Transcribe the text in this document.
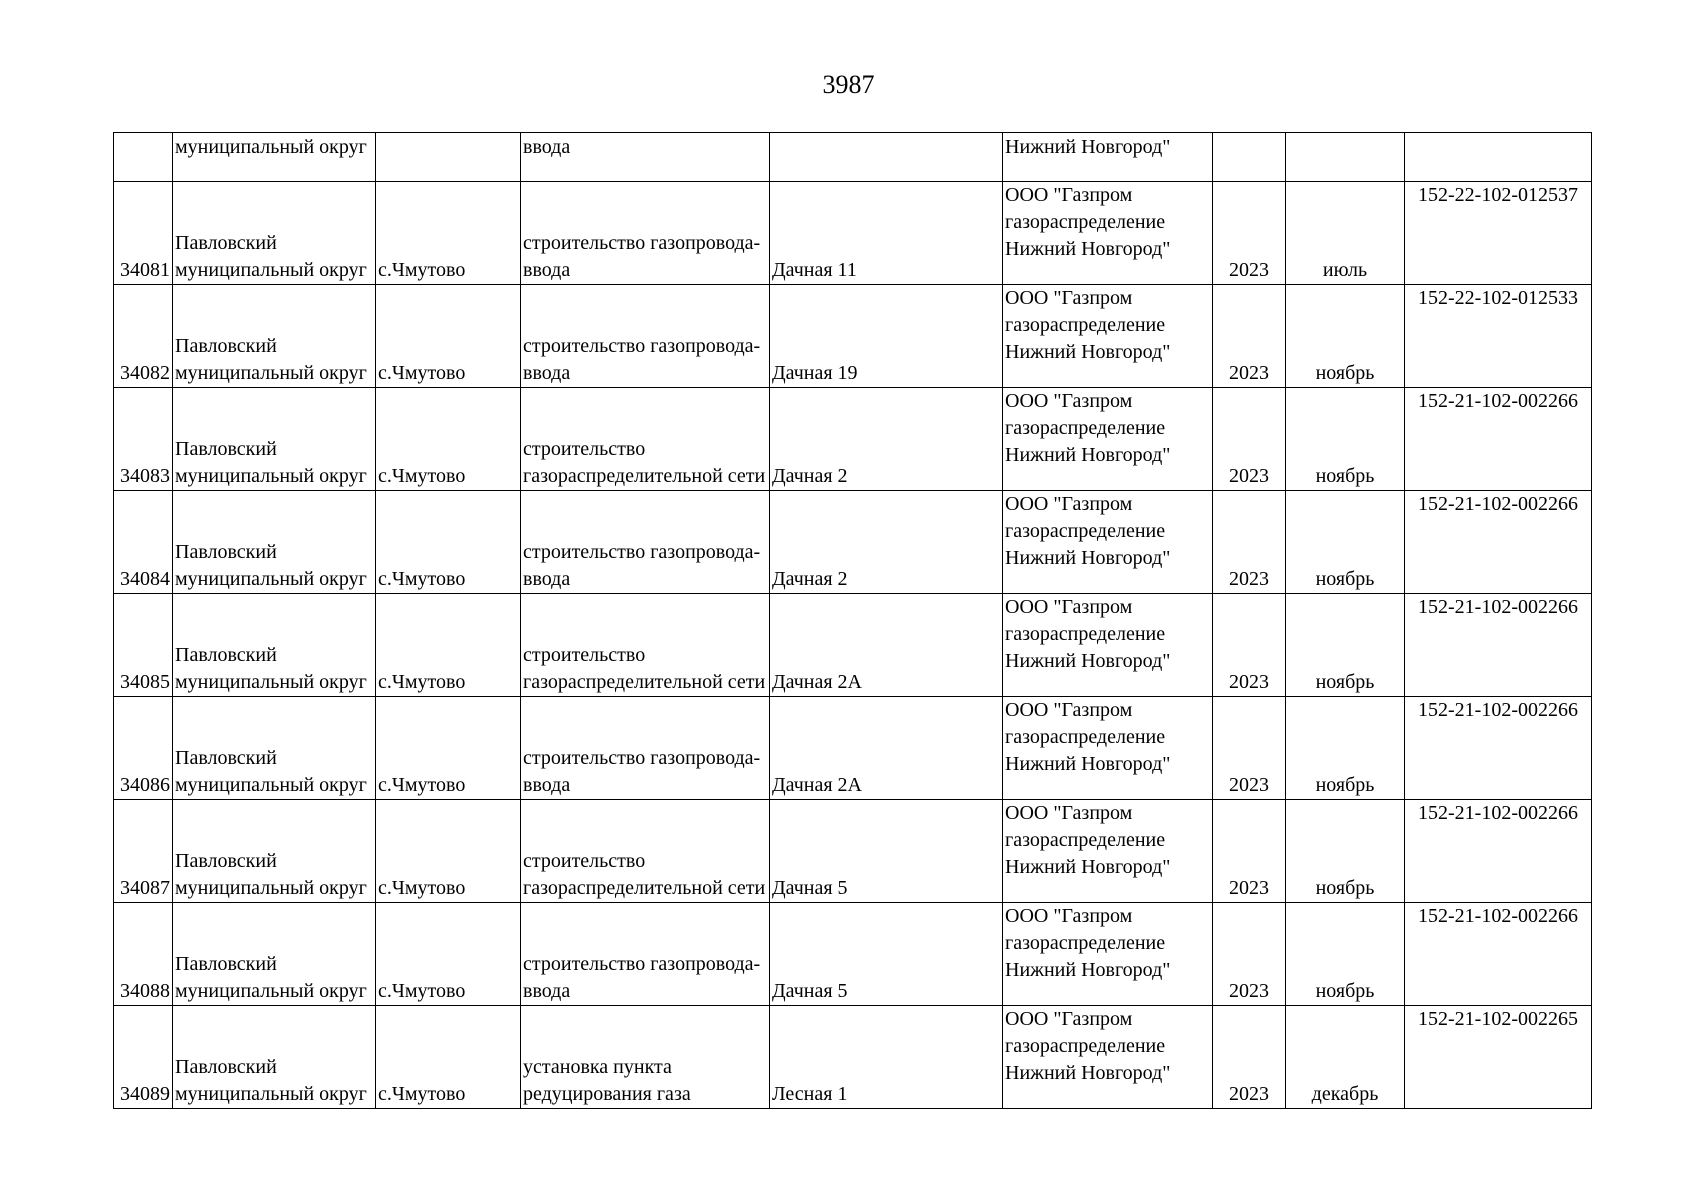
3987
	муниципальный округ		ввода		Нижний Новгород"			

34081	Павловский
муниципальный округ	с.Чмутово	строительство газопровода-
ввода	Дачная 11	ООО "Газпром
газораспределение
Нижний Новгород"	2023	июль	152-22-102-012537

34082	Павловский
муниципальный округ	с.Чмутово	строительство газопровода-
ввода	Дачная 19	ООО "Газпром
газораспределение
Нижний Новгород"	2023	ноябрь	152-22-102-012533

34083	Павловский
муниципальный округ	с.Чмутово	строительство
газораспределительной сети	Дачная 2	ООО "Газпром
газораспределение
Нижний Новгород"	2023	ноябрь	152-21-102-002266

34084	Павловский
муниципальный округ	с.Чмутово	строительство газопровода-
ввода	Дачная 2	ООО "Газпром
газораспределение
Нижний Новгород"	2023	ноябрь	152-21-102-002266

34085	Павловский
муниципальный округ	с.Чмутово	строительство
газораспределительной сети	Дачная 2А	ООО "Газпром
газораспределение
Нижний Новгород"	2023	ноябрь	152-21-102-002266

34086	Павловский
муниципальный округ	с.Чмутово	строительство газопровода-
ввода	Дачная 2А	ООО "Газпром
газораспределение
Нижний Новгород"	2023	ноябрь	152-21-102-002266

34087	Павловский
муниципальный округ	с.Чмутово	строительство
газораспределительной сети	Дачная 5	ООО "Газпром
газораспределение
Нижний Новгород"	2023	ноябрь	152-21-102-002266

34088	Павловский
муниципальный округ	с.Чмутово	строительство газопровода-
ввода	Дачная 5	ООО "Газпром
газораспределение
Нижний Новгород"	2023	ноябрь	152-21-102-002266

34089	Павловский
муниципальный округ	с.Чмутово	установка пункта
редуцирования газа	Лесная 1	ООО "Газпром
газораспределение
Нижний Новгород"	2023	декабрь	152-21-102-002265
